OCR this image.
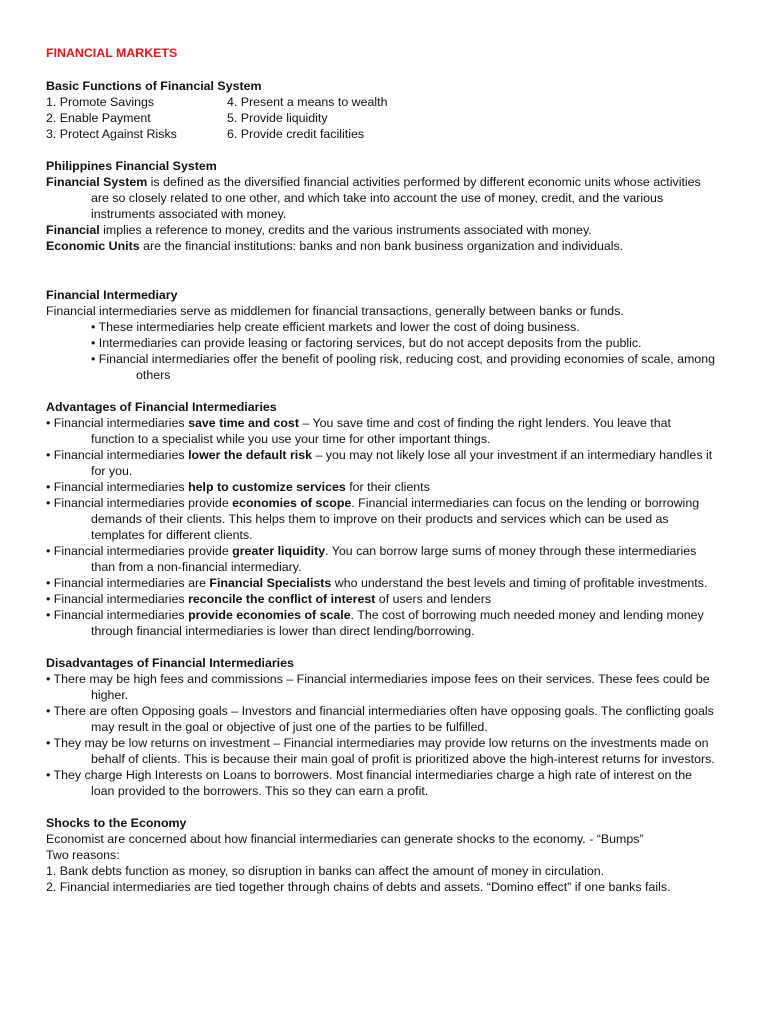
FINANCIAL MARKETS
Basic Functions of Financial System
1. Promote Savings	4. Present a means to wealth
2. Enable Payment	5. Provide liquidity
3. Protect Against Risks	6. Provide credit facilities
Philippines Financial System
Financial System is defined as the diversified financial activities performed by different economic units whose activities
are so closely related to one other, and which take into account the use of money, credit, and the various
instruments associated with money.
Financial implies a reference to money, credits and the various instruments associated with money.
Economic Units are the financial institutions: banks and non bank business organization and individuals.
Financial Intermediary
Financial intermediaries serve as middlemen for financial transactions, generally between banks or funds.
• These intermediaries help create efficient markets and lower the cost of doing business.
• Intermediaries can provide leasing or factoring services, but do not accept deposits from the public.
• Financial intermediaries offer the benefit of pooling risk, reducing cost, and providing economies of scale, among
others
Advantages of Financial Intermediaries
• Financial intermediaries save time and cost – You save time and cost of finding the right lenders. You leave that
function to a specialist while you use your time for other important things.
• Financial intermediaries lower the default risk – you may not likely lose all your investment if an intermediary handles it
for you.
• Financial intermediaries help to customize services for their clients
• Financial intermediaries provide economies of scope. Financial intermediaries can focus on the lending or borrowing
demands of their clients. This helps them to improve on their products and services which can be used as
templates for different clients.
• Financial intermediaries provide greater liquidity. You can borrow large sums of money through these intermediaries
than from a non-financial intermediary.
• Financial intermediaries are Financial Specialists who understand the best levels and timing of profitable investments.
• Financial intermediaries reconcile the conflict of interest of users and lenders
• Financial intermediaries provide economies of scale. The cost of borrowing much needed money and lending money
through financial intermediaries is lower than direct lending/borrowing.
Disadvantages of Financial Intermediaries
• There may be high fees and commissions – Financial intermediaries impose fees on their services. These fees could be
higher.
• There are often Opposing goals – Investors and financial intermediaries often have opposing goals. The conflicting goals
may result in the goal or objective of just one of the parties to be fulfilled.
• They may be low returns on investment – Financial intermediaries may provide low returns on the investments made on
behalf of clients. This is because their main goal of profit is prioritized above the high-interest returns for investors.
• They charge High Interests on Loans to borrowers. Most financial intermediaries charge a high rate of interest on the
loan provided to the borrowers. This so they can earn a profit.
Shocks to the Economy
Economist are concerned about how financial intermediaries can generate shocks to the economy. - “Bumps”
Two reasons:
1. Bank debts function as money, so disruption in banks can affect the amount of money in circulation.
2. Financial intermediaries are tied together through chains of debts and assets. “Domino effect” if one banks fails.
